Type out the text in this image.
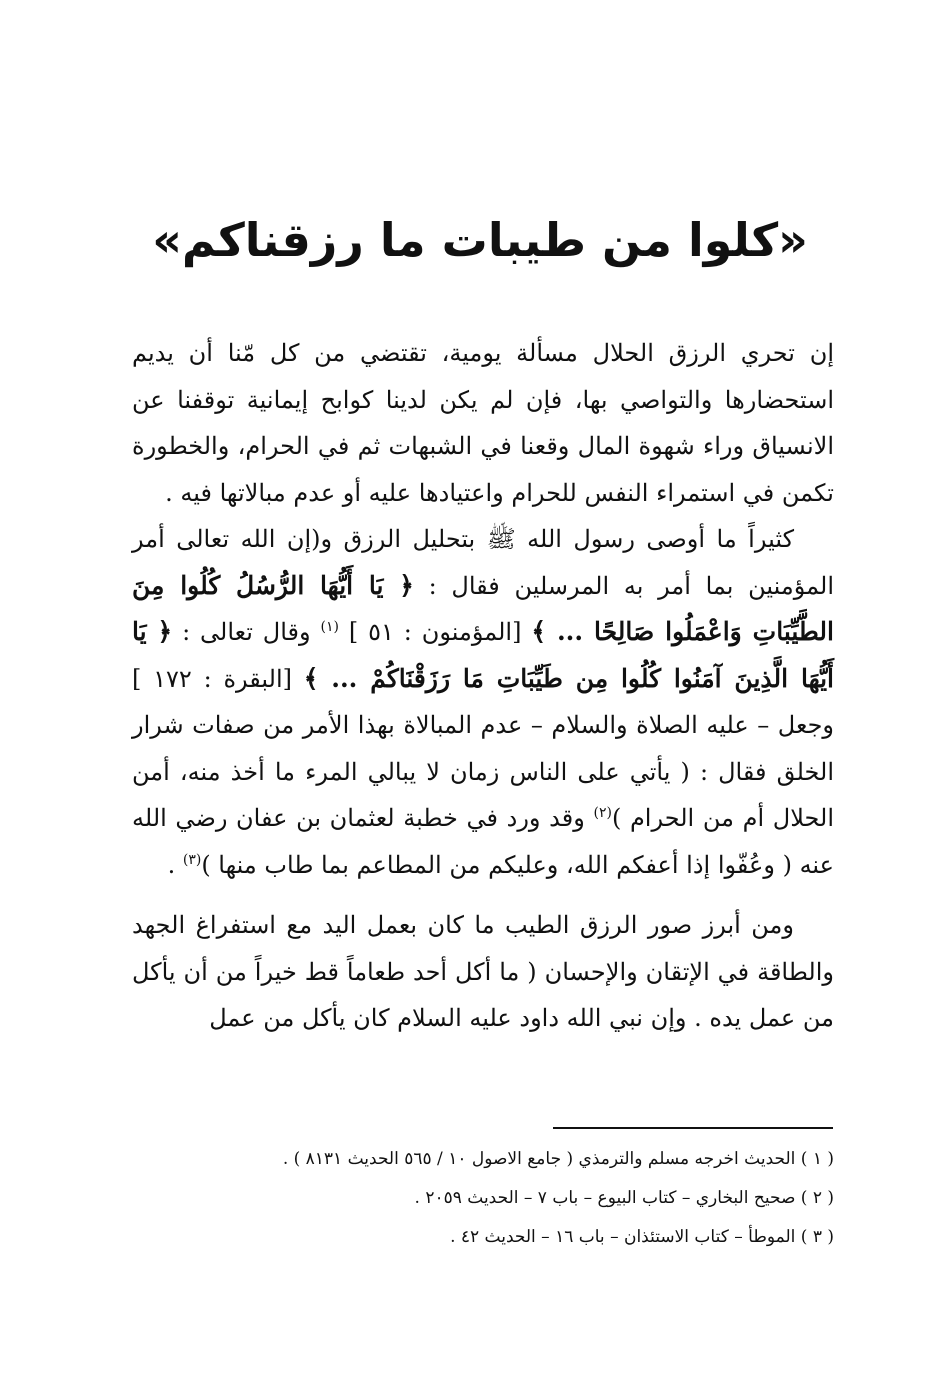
«كلوا من طيبات ما رزقناكم»

إن تحري الرزق الحلال مسألة يومية، تقتضي من كل مّنا أن يديم استحضارها والتواصي بها، فإن لم يكن لدينا كوابح إيمانية توقفنا عن الانسياق وراء شهوة المال وقعنا في الشبهات ثم في الحرام، والخطورة تكمن في استمراء النفس للحرام واعتيادها عليه أو عدم مبالاتها فيه .

كثيراً ما أوصى رسول الله ﷺ بتحليل الرزق و(إن الله تعالى أمر المؤمنين بما أمر به المرسلين فقال : ﴿ يَا أَيُّهَا الرُّسُلُ كُلُوا مِنَ الطَّيِّبَاتِ وَاعْمَلُوا صَالِحًا ... ﴾ [المؤمنون : ٥١ ] $^{(١)}$ وقال تعالى : ﴿ يَا أَيُّهَا الَّذِينَ آمَنُوا كُلُوا مِن طَيِّبَاتِ مَا رَزَقْنَاكُمْ ... ﴾ [البقرة : ١٧٢ ] وجعل – عليه الصلاة والسلام – عدم المبالاة بهذا الأمر من صفات شرار الخلق فقال : ( يأتي على الناس زمان لا يبالي المرء ما أخذ منه، أمن الحلال أم من الحرام )$^{(٢)}$ وقد ورد في خطبة لعثمان بن عفان رضي الله عنه ( وعُفّوا إذا أعفكم الله، وعليكم من المطاعم بما طاب منها )$^{(٣)}$ .

ومن أبرز صور الرزق الطيب ما كان بعمل اليد مع استفراغ الجهد والطاقة في الإتقان والإحسان ( ما أكل أحد طعاماً قط خيراً من أن يأكل من عمل يده . وإن نبي الله داود عليه السلام كان يأكل من عمل

( ١ ) الحديث اخرجه مسلم والترمذي ( جامع الاصول ١٠ / ٥٦٥ الحديث ٨١٣١ ) .

( ٢ ) صحيح البخاري – كتاب البيوع – باب ٧ – الحديث ٢٠٥٩ .

( ٣ ) الموطأ – كتاب الاستئذان – باب ١٦ – الحديث ٤٢ .
